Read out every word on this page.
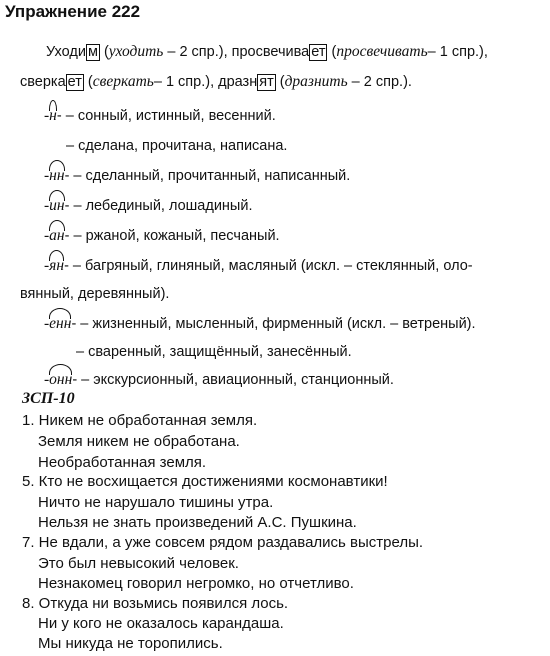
Упражнение 222
Уходи м (уходить – 2 спр.), просвечива ет (просвечивать– 1 спр.),
сверка ет (сверкать– 1 спр.), дразн ят (дразнить – 2 спр.).
-н- – сонный, истинный, весенний.
– сделана, прочитана, написана.
-нн- – сделанный, прочитанный, написанный.
-ин- – лебединый, лошадиный.
-ан- – ржаной, кожаный, песчаный.
-ян- – багряный, глиняный, масляный (искл. – стеклянный, оло-
вянный, деревянный).
-енн- – жизненный, мысленный, фирменный (искл. – ветреный).
– сваренный, защищённый, занесённый.
-онн- – экскурсионный, авиационный, станционный.
ЗСП-10
1. Никем не обработанная земля.
Земля никем не обработана.
Необработанная земля.
5. Кто не восхищается достижениями космонавтики!
Ничто не нарушало тишины утра.
Нельзя не знать произведений А.С. Пушкина.
7. Не вдали, а уже совсем рядом раздавались выстрелы.
Это был невысокий человек.
Незнакомец говорил негромко, но отчетливо.
8. Откуда ни возьмись появился лось.
Ни у кого не оказалось карандаша.
Мы никуда не торопились.
